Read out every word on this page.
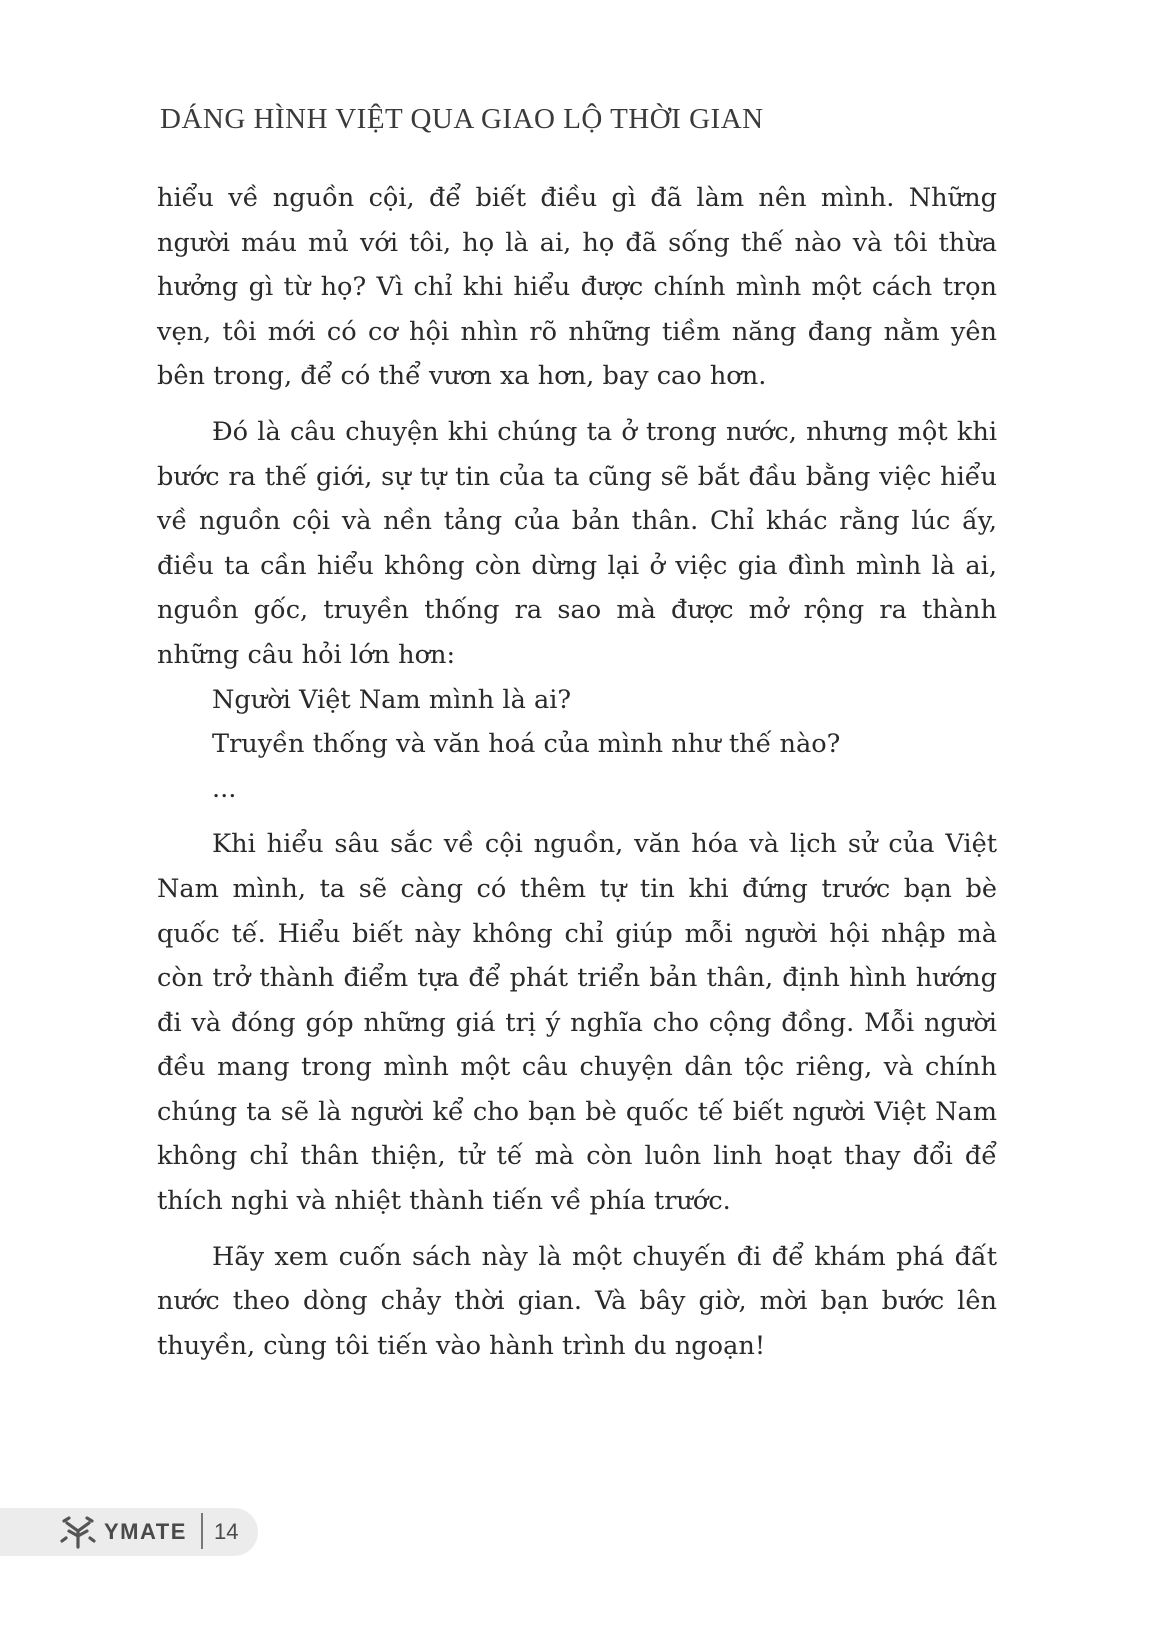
DÁNG HÌNH VIỆT QUA GIAO LỘ THỜI GIAN

hiểu về nguồn cội, để biết điều gì đã làm nên mình. Những người máu mủ với tôi, họ là ai, họ đã sống thế nào và tôi thừa hưởng gì từ họ? Vì chỉ khi hiểu được chính mình một cách trọn vẹn, tôi mới có cơ hội nhìn rõ những tiềm năng đang nằm yên bên trong, để có thể vươn xa hơn, bay cao hơn.

Đó là câu chuyện khi chúng ta ở trong nước, nhưng một khi bước ra thế giới, sự tự tin của ta cũng sẽ bắt đầu bằng việc hiểu về nguồn cội và nền tảng của bản thân. Chỉ khác rằng lúc ấy, điều ta cần hiểu không còn dừng lại ở việc gia đình mình là ai, nguồn gốc, truyền thống ra sao mà được mở rộng ra thành những câu hỏi lớn hơn:

Người Việt Nam mình là ai?

Truyền thống và văn hoá của mình như thế nào?

...

Khi hiểu sâu sắc về cội nguồn, văn hóa và lịch sử của Việt Nam mình, ta sẽ càng có thêm tự tin khi đứng trước bạn bè quốc tế. Hiểu biết này không chỉ giúp mỗi người hội nhập mà còn trở thành điểm tựa để phát triển bản thân, định hình hướng đi và đóng góp những giá trị ý nghĩa cho cộng đồng. Mỗi người đều mang trong mình một câu chuyện dân tộc riêng, và chính chúng ta sẽ là người kể cho bạn bè quốc tế biết người Việt Nam không chỉ thân thiện, tử tế mà còn luôn linh hoạt thay đổi để thích nghi và nhiệt thành tiến về phía trước.

Hãy xem cuốn sách này là một chuyến đi để khám phá đất nước theo dòng chảy thời gian. Và bây giờ, mời bạn bước lên thuyền, cùng tôi tiến vào hành trình du ngoạn!

YMATE 14
